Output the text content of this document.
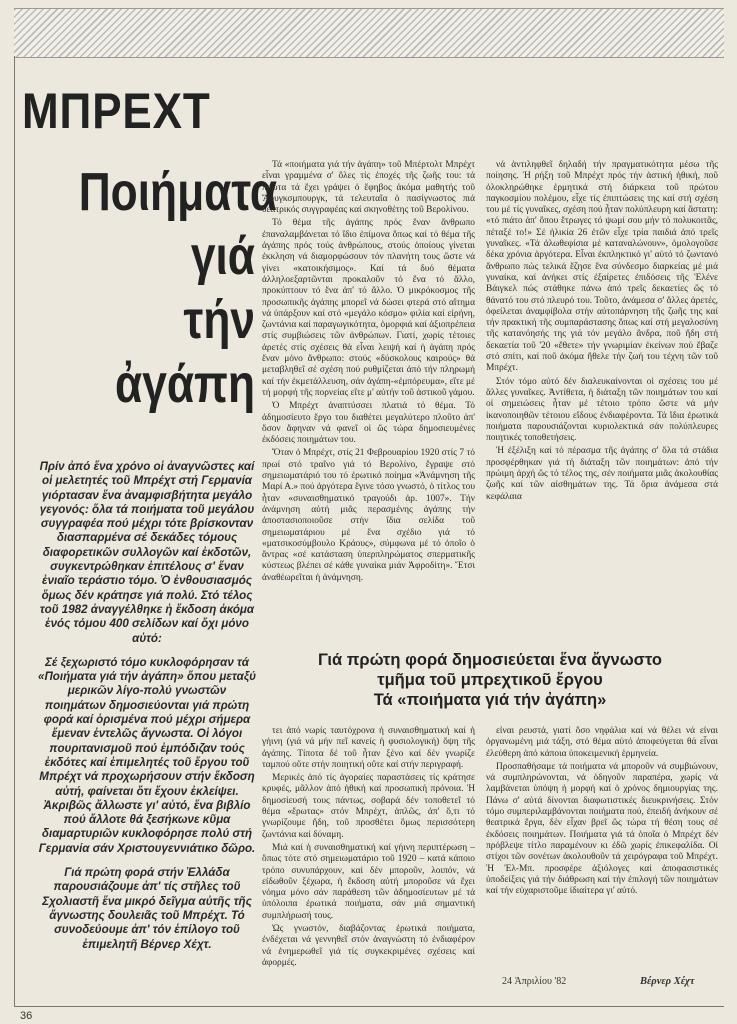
ΜΠΡΕΧΤ
Ποιήματα
γιά
τήν
ἀγάπη

Πρίν ἀπό ἕνα χρόνο οἱ ἀναγνῶστες καί οἱ μελετητές τοῦ Μπρέχτ στή Γερμανία γιόρτασαν ἕνα ἀναμφισβήτητα μεγάλο γεγονός: ὅλα τά ποιήματα τοῦ μεγάλου συγγραφέα πού μέχρι τότε βρίσκονταν διασπαρμένα σέ δεκάδες τόμους διαφορετικῶν συλλογῶν καί ἐκδοτῶν, συγκεντρώθηκαν ἐπιτέλους σ' ἕναν ἑνιαῖο τεράστιο τόμο. Ὁ ἐνθουσιασμός ὅμως δέν κράτησε γιά πολύ. Στό τέλος τοῦ 1982 ἀναγγέλθηκε ἡ ἔκδοση ἀκόμα ἑνός τόμου 400 σελίδων καί ὄχι μόνο αὐτό:

Σέ ξεχωριστό τόμο κυκλοφόρησαν τά «Ποιήματα γιά τήν ἀγάπη» ὅπου μεταξύ μερικῶν λίγο-πολύ γνωστῶν ποιημάτων δημοσιεύονται γιά πρώτη φορά καί ὁρισμένα πού μέχρι σήμερα ἔμεναν ἐντελῶς ἄγνωστα. Οἱ λόγοι πουριτανισμοῦ πού ἐμπόδιζαν τούς ἐκδότες καί ἐπιμελητές τοῦ ἔργου τοῦ Μπρέχτ νά προχωρήσουν στήν ἔκδοση αὐτή, φαίνεται ὅτι ἔχουν ἐκλείψει. Ἀκριβῶς ἄλλωστε γι' αὐτό, ἕνα βιβλίο πού ἄλλοτε θά ξεσήκωνε κῦμα διαμαρτυριῶν κυκλοφόρησε πολύ στή Γερμανία σάν Χριστουγεννιάτικο δῶρο.

Γιά πρώτη φορά στήν Ἑλλάδα παρουσιάζουμε ἀπ' τίς στῆλες τοῦ Σχολιαστῆ ἕνα μικρό δεῖγμα αὐτῆς τῆς ἄγνωστης δουλειᾶς τοῦ Μπρέχτ. Τό συνοδεύουμε ἀπ' τόν ἐπίλογο τοῦ ἐπιμελητῆ Βέρνερ Χέχτ.

Τά «ποιήματα γιά τήν ἀγάπη» τοῦ Μπέρτολτ Μπρέχτ εἶναι γραμμένα σ' ὅλες τίς ἐποχές τῆς ζωῆς του: τά πρῶτα τά ἔχει γράψει ὁ ἔφηβος ἀκόμα μαθητής τοῦ Ἄουγκσμπουργκ, τά τελευταῖα ὁ πασίγνωστος πιά θεατρικός συγγραφέας καί σκηνοθέτης τοῦ Βερολίνου.

Τό θέμα τῆς ἀγάπης πρός ἕναν ἄνθρωπο ἐπαναλαμβάνεται τό ἴδιο ἐπίμονα ὅπως καί τό θέμα τῆς ἀγάπης πρός τούς ἀνθρώπους, στούς ὁποίους γίνεται ἐκκληση νά διαμορφώσουν τόν πλανήτη τους ὥστε νά γίνει «κατοικήσιμος». Καί τά δυό θέματα ἀλληλοεξαρτῶνται προκαλοῦν τό ἕνα τό ἄλλο, προκύπτουν τό ἕνα ἀπ' τό ἄλλο. Ὁ μικρόκοσμος τῆς προσωπικῆς ἀγάπης μπορεῖ νά δώσει φτερά στό αἴτημα νά ὑπάρξουν καί στό «μεγάλο κόσμο» φιλία καί εἰρήνη, ζωντάνια καί παραγωγικότητα, ὁμορφιά καί ἀξιοπρέπεια στίς συμβιώσεις τῶν ἀνθρώπων. Γιατί, χωρίς τέτοιες ἀρετές στίς σχέσεις θά εἶναι λειψή καί ἡ ἀγάπη πρός ἕναν μόνο ἄνθρωπο: στούς «δύσκολους καιρούς» θά μεταβληθεῖ σέ σχέση πού ρυθμίζεται ἀπό τήν πληρωμή καί τήν ἐκμετάλλευση, σάν ἀγάπη-«ἐμπόρευμα», εἴτε μέ τή μορφή τῆς πορνείας εἴτε μ' αὐτήν τοῦ ἀστικοῦ γάμου.

Ὁ Μπρέχτ ἀναπτύσσει πλατιά τό θέμα. Τό ἀδημοσίευτο ἔργο του διαθέτει μεγαλύτερο πλοῦτο ἀπ' ὅσον ἄφηναν νά φανεῖ οἱ ὥς τώρα δημοσιευμένες ἐκδόσεις ποιημάτων του.

Ὅταν ὁ Μπρέχτ, στίς 21 Φεβρουαρίου 1920 στίς 7 τό πρωί στό τραῖνο γιά τό Βερολίνο, ἔγραψε στό σημειωματάριό του τό ἐρωτικό ποίημα «Ἀνάμνηση τῆς Μαρί Α.» πού ἀργότερα ἔγινε τόσο γνωστό, ὁ τίτλος του ἦταν «συναισθηματικό τραγούδι ἀρ. 1007». Τήν ἀνάμνηση αὐτή μιᾶς περασμένης ἀγάπης τήν ἀποστασιοποιοῦσε στήν ἴδια σελίδα τοῦ σημειωματάριου μέ ἕνα σχέδιο γιά τό «ματσικοσύμβουλο Κράους», σύμφωνα μέ τό ὁποῖο ὁ ἄντρας «σέ κατάσταση ὑπερπληρώματος σπερματικῆς κύστεως βλέπει σέ κάθε γυναίκα μιάν Ἀφροδίτη». Ἔτσι ἀναθέωρεῖται ἡ ἀνάμνηση.

νά ἀντιληφθεῖ δηλαδή τήν πραγματικότητα μέσω τῆς ποίησης. Ἡ ρήξη τοῦ Μπρέχτ πρός τήν ἀστική ἠθική, ποῦ ὁλοκληρώθηκε ἐρμητικά στή διάρκεια τοῦ πρώτου παγκοσμίου πολέμου, εἶχε τίς ἐπιπτώσεις της καί στή σχέση του μέ τίς γυναῖκες, σχέση πού ἦταν πολύπλευρη καί ἄστατη: «τό πιάτο ἀπ' ὅπου ἔτρωγες τό ψωμί σου μήν τό πολυκοιτᾶς, πέταξέ το!» Σέ ἡλικία 26 ἐτῶν εἶχε τρία παιδιά ἀπό τρεῖς γυναῖκες. «Τά ἀλωθεφίσια μέ καταναλώνουν», ὁμολογοῦσε δέκα χρόνια ἀργότερα. Εἶναι ἐκπληκτικό γι' αὐτό τό ζωντανό ἄνθρωπο πώς τελικά ἔζησε ἕνα σύνδεσμο διαρκείας μέ μιά γυναίκα, καί ἀνήκει στίς ἐξαίρετες ἐπιδόσεις τῆς Ἑλένε Βάιγκελ πώς στάθηκε πάνω ἀπό τρεῖς δεκαετίες ὥς τό θάνατό του στό πλευρό του. Τοῦτο, ἀνάμεσα σ' ἄλλες ἀρετές, ὀφείλεται ἀναμφίβολα στήν αὐτοπάρνηση τῆς ζωῆς της καί τήν πρακτική τῆς συμπαράστασης ὅπως καί στή μεγαλοσύνη τῆς κατανόησής της γιά τόν μεγάλο ἄνδρα, ποῦ ἤδη στή δεκαετία τοῦ '20 «ἔθετε» τήν γνωριμίαν ἐκείνων πού ἔβαζε στό σπίτι, καί ποῦ ἀκόμα ἤθελε τήν ζωή του τέχνη τῶν τοῦ Μπρέχτ.

Στόν τόμο αὐτό δέν διαλευκαίνονται οἱ σχέσεις του μέ ἄλλες γυναῖκες. Ἀντίθετα, ἡ διάταξη τῶν ποιημάτων του καί οἱ σημειώσεις ἦταν μέ τέτοιο τρόπο ὥστε νά μήν ἱκανοποιηθῶν τέτοιου εἴδους ἐνδιαφέροντα. Τά ἴδια ἐρωτικά ποιήματα παρουσιάζονται κυριολεκτικά σάν πολύπλευρες ποιητικές τοποθετήσεις.

Ἡ ἐξέλιξη καί τό πέρασμα τῆς ἀγάπης σ' ὅλα τά στάδια προσφέρθηκαν γιά τή διάταξη τῶν ποιημάτων: ἀπό τήν πρώιμη ἀρχή ὥς τό τέλος της, σέν ποιήματα μιᾶς ἀκολουθίας ζωῆς καί τῶν αἰσθημάτων της. Τά ὄρια ἀνάμεσα στά κεφάλαια

Γιά πρώτη φορά δημοσιεύεται ἕνα ἄγνωστο
τμῆμα τοῦ μπρεχτικοῦ ἔργου
Τά «ποιήματα γιά τήν ἀγάπη»

τει ἀπό νωρίς ταυτόχρονα ἡ συναισθηματική καί ἡ γήινη (γιά νά μήν πεῖ κανείς ἡ φυσιολογική) ὄψη τῆς ἀγάπης. Τίποτα δέ τοῦ ἦταν ξένο καί δέν γνωρίζε ταμπού οὔτε στήν ποιητική οὔτε καί στήν περιγραφή.

Μερικές ἀπό τίς ἀγοραίες παραστάσεις τίς κράτησε κρυφές, μᾶλλον ἀπό ἠθική καί προσωπική πρόνοια. Ἡ δημοσίευσή τους πάντως, σοβαρά δέν τοποθετεῖ τό θέμα «ἔρωτας» στόν Μπρέχτ, ἁπλῶς, ἀπ' ὅ,τι τό γνωρίζουμε ἤδη, τοῦ προσθέτει ὅμως περισσότερη ζωντάνια καί δύναμη.

Μιά καί ἡ συναισθηματική καί γήινη περιπτέρωση – ὅπως τότε στό σημειωματάριο τοῦ 1920 – κατά κάποιο τρόπο συνυπάρχουν, καί δέν μποροῦν, λοιπόν, νά εἰδωθοῦν ξέχωρα, ἡ ἔκδοση αὐτή μποροῦσε νά ἔχει νόημα μόνο σάν παράθεση τῶν ἀδημοσίευτων μέ τά ὑπόλοιπα ἐρωτικά ποιήματα, σάν μιά σημαντική συμπλήρωσή τους.

Ὡς γνωστόν, διαβάζοντας ἐρωτικά ποιήματα, ἐνδέχεται νά γεννηθεῖ στόν ἀναγνώστη τό ἐνδιαφέρον νά ἐνημερωθεῖ γιά τίς συγκεκριμένες σχέσεις καί ἀφορμές.

εἶναι ρευστά, γιατί ὅσο νηφάλια καί νά θέλει νά εἶναι ὀργανωμένη μιά τάξη, στό θέμα αὐτό ἀποφεύγεται θά εἶναι ἐλεύθερη ἀπό κάποια ὑποκειμενική ἑρμηνεία.

Προσπαθήσαμε τά ποιήματα νά μποροῦν νά συμβιώνουν, νά συμπληρώνονται, νά ὁδηγοῦν παραπέρα, χωρίς νά λαμβάνεται ὑπόψη ἡ μορφή καί ὁ χρόνος δημιουργίας της. Πάνω σ' αὐτά δίνονται διαφωτιστικές διευκρινήσεις. Στόν τόμο συμπεριλαμβάνονται ποιήματα πού, ἐπειδή ἀνήκουν σέ θεατρικά ἔργα, δέν εἶχαν βρεῖ ὥς τώρα τή θέση τους σέ ἐκδόσεις ποιημάτων. Ποιήματα γιά τά ὁποῖα ὁ Μπρέχτ δέν πρόβλεψε τίτλο παραμένουν κι ἐδῶ χωρίς ἐπικεφαλίδα. Οἱ στίχοι τῶν σονέτων ἀκολουθοῦν τά χειρόγραφα τοῦ Μπρέχτ. Ἡ Ἐλ-Μπ. προσφέρε ἀξιόλογες καί ἀποφασιστικές ὑποδείξεις γιά τήν διάθρωση καί τήν ἐπιλογή τῶν ποιημάτων καί τήν εὐχαριστοῦμε ἰδιαίτερα γι' αὐτό.

24 Ἀπριλίου '82	Βέρνερ Χέχτ
36
